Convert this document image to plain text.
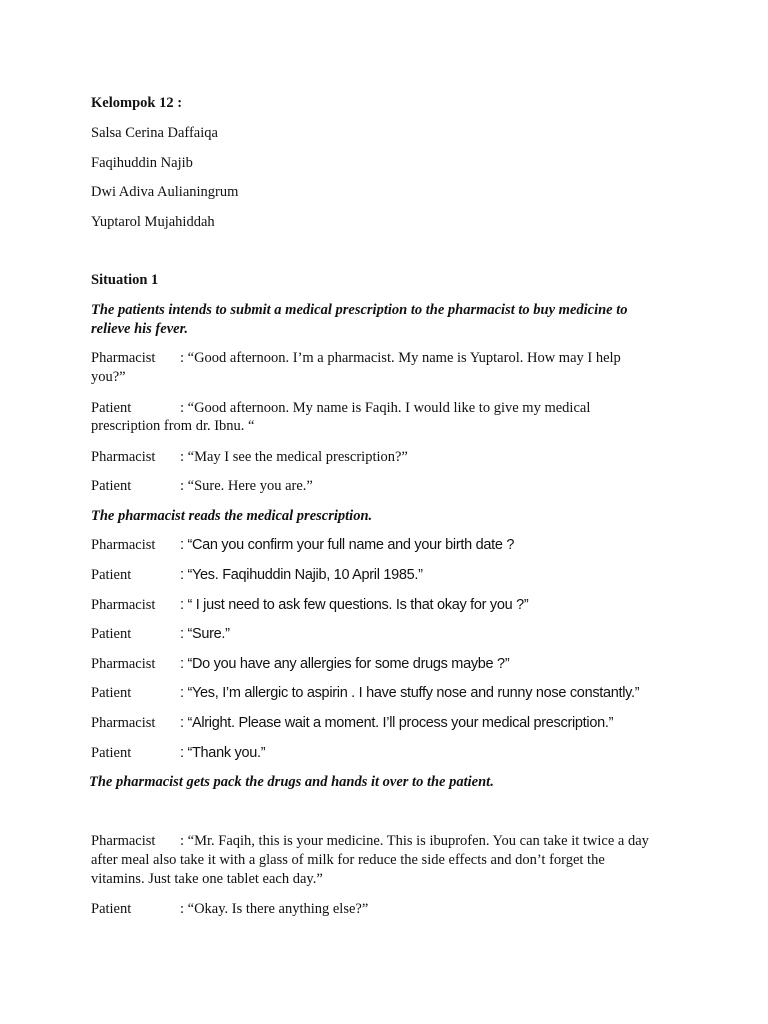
Kelompok 12 :
Salsa Cerina Daffaiqa
Faqihuddin Najib
Dwi Adiva Aulianingrum
Yuptarol Mujahiddah
Situation 1
The patients intends to submit a medical prescription to the pharmacist to buy medicine to
relieve his fever.
Pharmacist : “Good afternoon. I’m a pharmacist. My name is Yuptarol. How may I help
you?”
Patient	: “Good afternoon. My name is Faqih. I would like to give my medical
prescription from dr. Ibnu. “
Pharmacist : “May I see the medical prescription?”
Patient	: “Sure. Here you are.”
The pharmacist reads the medical prescription.
Pharmacist : “Can you confirm your full name and your birth date ?
Patient	: “Yes. Faqihuddin Najib, 10 April 1985.”
Pharmacist : “ I just need to ask few questions. Is that okay for you ?”
Patient	: “Sure.”
Pharmacist : “Do you have any allergies for some drugs maybe ?”
Patient	: “Yes, I’m allergic to aspirin . I have stuffy nose and runny nose constantly.”
Pharmacist : “Alright. Please wait a moment. I’ll process your medical prescription.”
Patient	: “Thank you.”
The pharmacist gets pack the drugs and hands it over to the patient.
Pharmacist : “Mr. Faqih, this is your medicine. This is ibuprofen. You can take it twice a day
after meal also take it with a glass of milk for reduce the side effects and don’t forget the
vitamins. Just take one tablet each day.”
Patient	: “Okay. Is there anything else?”
